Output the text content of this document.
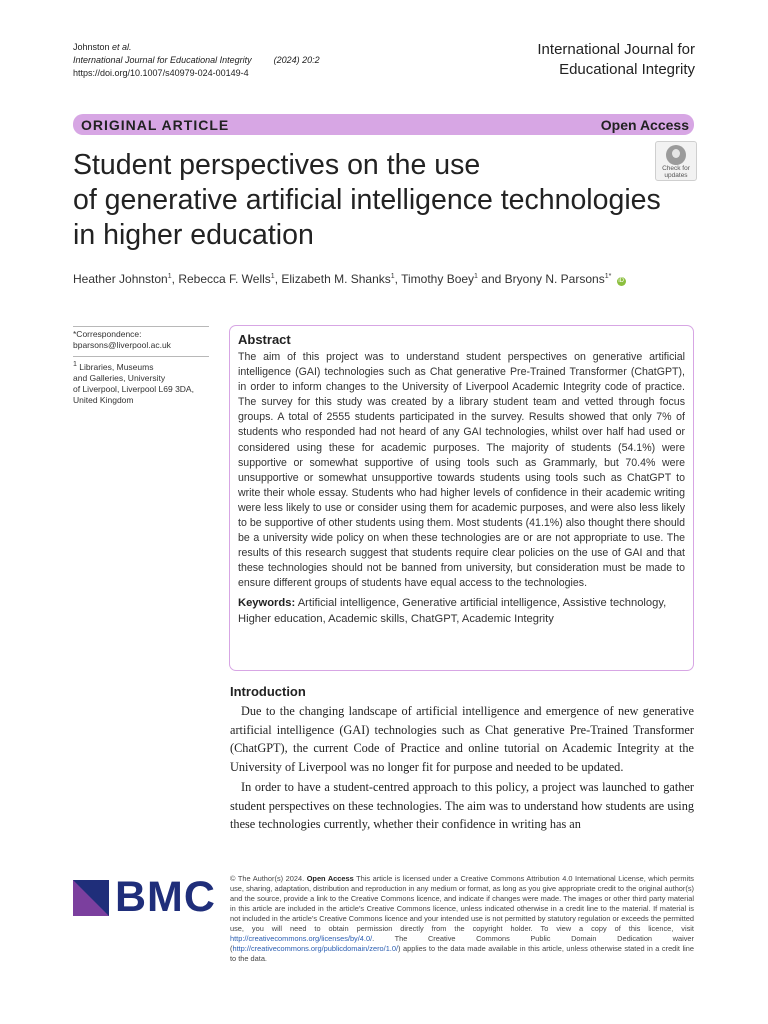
Johnston et al.
International Journal for Educational Integrity (2024) 20:2
https://doi.org/10.1007/s40979-024-00149-4
International Journal for
Educational Integrity
ORIGINAL ARTICLE	Open Access
Student perspectives on the use
of generative artificial intelligence technologies
in higher education
Check for
updates
Heather Johnston$^1$, Rebecca F. Wells$^1$, Elizabeth M. Shanks$^1$, Timothy Boey$^1$ and Bryony N. Parsons$^{1*}$ iD
*Correspondence:
bparsons@liverpool.ac.uk
$^1$ Libraries, Museums
and Galleries, University
of Liverpool, Liverpool L69 3DA,
United Kingdom
Abstract
The aim of this project was to understand student perspectives on generative artificial intelligence (GAI) technologies such as Chat generative Pre-Trained Transformer (ChatGPT), in order to inform changes to the University of Liverpool Academic Integrity code of practice. The survey for this study was created by a library student team and vetted through focus groups. A total of 2555 students participated in the survey. Results showed that only 7% of students who responded had not heard of any GAI technologies, whilst over half had used or considered using these for academic purposes. The majority of students (54.1%) were supportive or somewhat supportive of using tools such as Grammarly, but 70.4% were unsupportive or somewhat unsupportive towards students using tools such as ChatGPT to write their whole essay. Students who had higher levels of confidence in their academic writing were less likely to use or consider using them for academic purposes, and were also less likely to be supportive of other students using them. Most students (41.1%) also thought there should be a university wide policy on when these technologies are or are not appropriate to use. The results of this research suggest that students require clear policies on the use of GAI and that these technologies should not be banned from university, but consideration must be made to ensure different groups of students have equal access to the technologies.
Keywords: Artificial intelligence, Generative artificial intelligence, Assistive technology, Higher education, Academic skills, ChatGPT, Academic Integrity
Introduction

Due to the changing landscape of artificial intelligence and emergence of new generative artificial intelligence (GAI) technologies such as Chat generative Pre-Trained Transformer (ChatGPT), the current Code of Practice and online tutorial on Academic Integrity at the University of Liverpool was no longer fit for purpose and needed to be updated.

In order to have a student-centred approach to this policy, a project was launched to gather student perspectives on these technologies. The aim was to understand how students are using these technologies currently, whether their confidence in writing has an

BMC © The Author(s) 2024. Open Access This article is licensed under a Creative Commons Attribution 4.0 International License, which permits use, sharing, adaptation, distribution and reproduction in any medium or format, as long as you give appropriate credit to the original author(s) and the source, provide a link to the Creative Commons licence, and indicate if changes were made. The images or other third party material in this article are included in the article’s Creative Commons licence, unless indicated otherwise in a credit line to the material. If material is not included in the article’s Creative Commons licence and your intended use is not permitted by statutory regulation or exceeds the permitted use, you will need to obtain permission directly from the copyright holder. To view a copy of this licence, visit http://creativecommons.org/licenses/by/4.0/. The Creative Commons Public Domain Dedication waiver (http://creativecommons.org/publicdomain/zero/1.0/) applies to the data made available in this article, unless otherwise stated in a credit line to the data.
